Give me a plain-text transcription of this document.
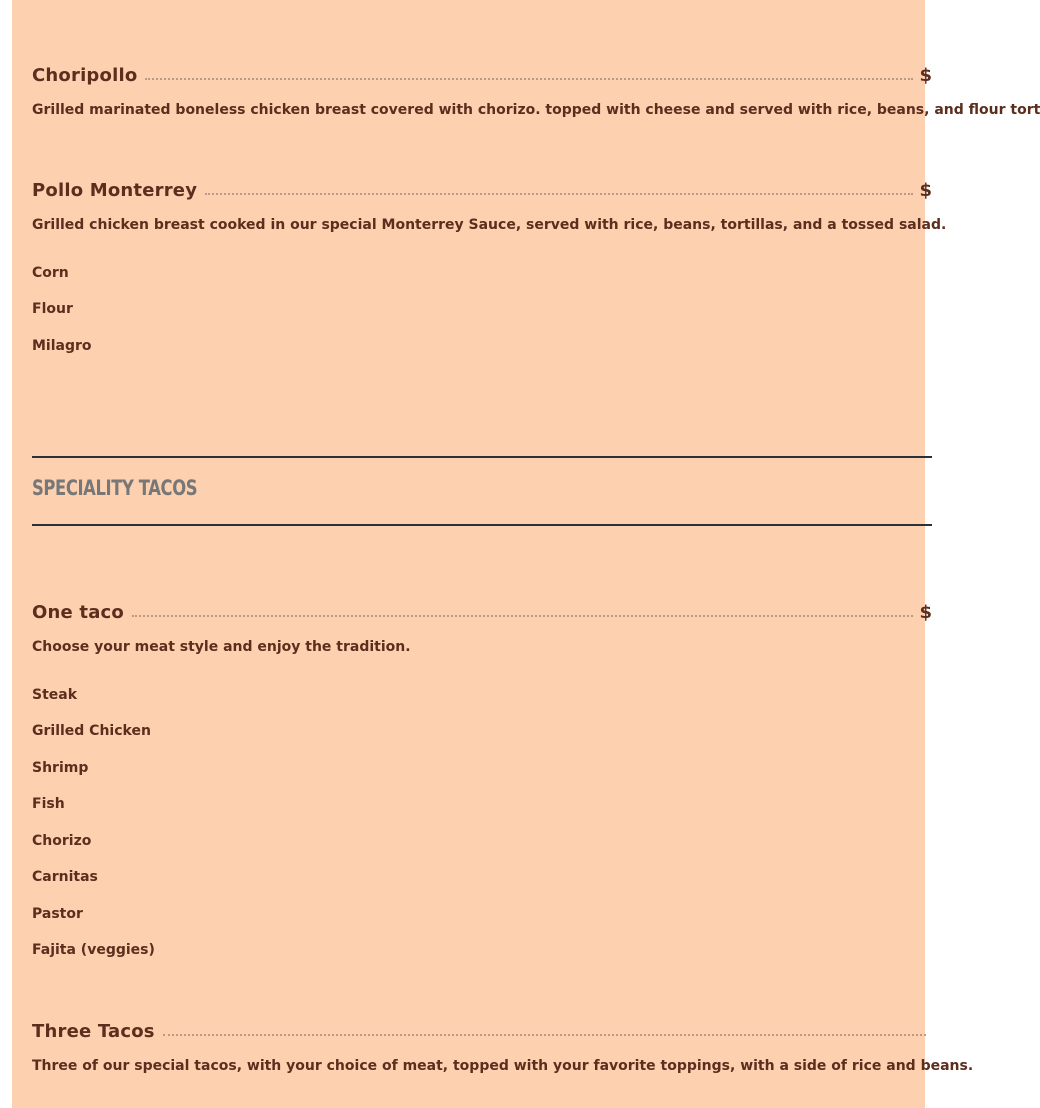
Choripollo	$
Grilled marinated boneless chicken breast covered with chorizo. topped with cheese and served with rice, beans, and flour tort
Pollo Monterrey	$
Grilled chicken breast cooked in our special Monterrey Sauce, served with rice, beans, tortillas, and a tossed salad.
Corn
Flour
Milagro
SPECIALITY TACOS
One taco	$
Choose your meat style and enjoy the tradition.
Steak
Grilled Chicken
Shrimp
Fish
Chorizo
Carnitas
Pastor
Fajita (veggies)
Three Tacos
Three of our special tacos, with your choice of meat, topped with your favorite toppings, with a side of rice and beans.
